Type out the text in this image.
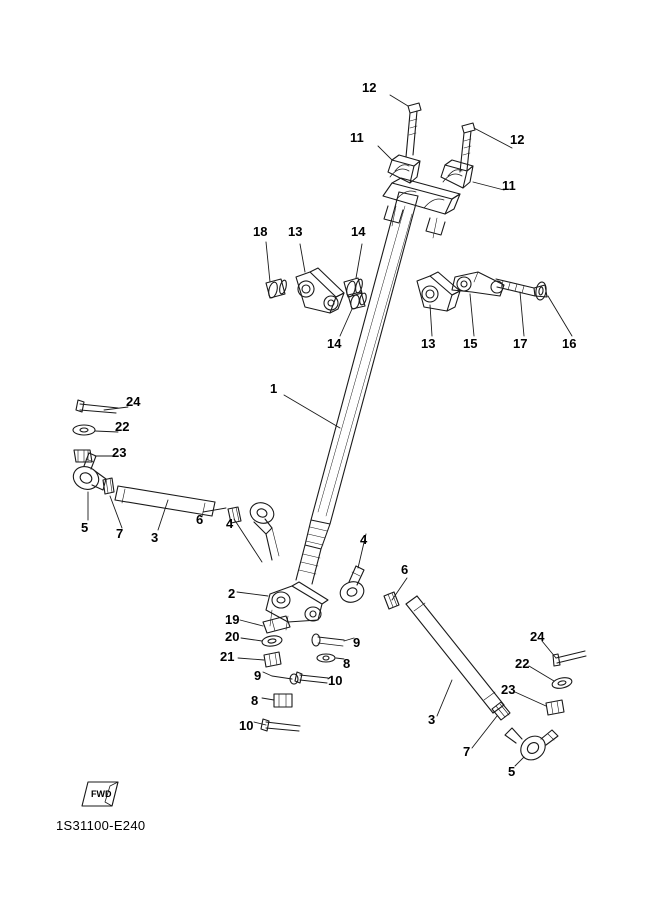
12
11	12
11
18 13	14
14	13 15	17	16
1
24
22
23
5 7 3
6 4
4
6
2
19
20
21
9
8
10
9
8
10
24
22
23
3
7
5
FWD
1S31100-E240
